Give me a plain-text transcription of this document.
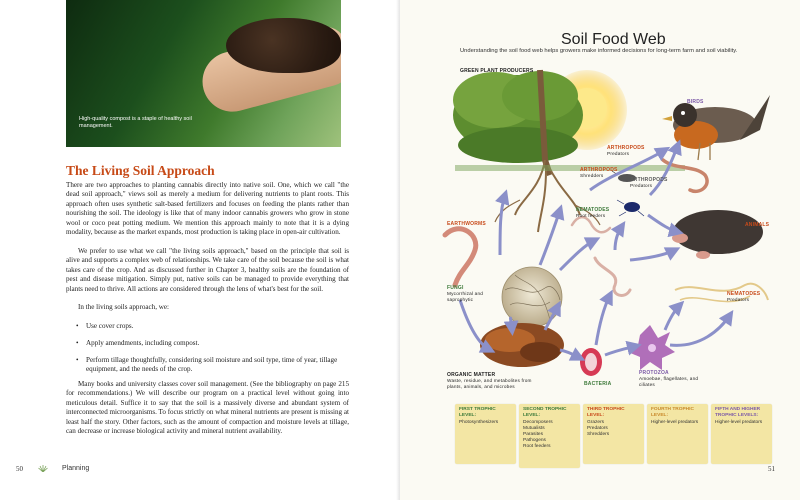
High-quality compost is a staple of healthy soil management.
The Living Soil Approach

There are two approaches to planting cannabis directly into native soil. One, which we call "the dead soil approach," views soil as merely a medium for delivering nutrients to plant roots. This approach often uses synthetic salt-based fertilizers and focuses on feeding the plants rather than nourishing the soil. The ideology is like that of many indoor cannabis growers who grow in stone wool or coco peat potting medium. We mention this approach mainly to note that it is a dying modality, because as the market expands, most production is taking place in open-air cultivation.

We prefer to use what we call "the living soils approach," based on the principle that soil is alive and supports a complex web of relationships. We take care of the soil because the soil is what takes care of the crop. And as discussed further in Chapter 3, healthy soils are the foundation of pest and disease mitigation. Simply put, native soils can be managed to provide everything that plants need to thrive. All actions are considered through the lens of what's best for the soil.

In the living soils approach, we:

• Use cover crops.
• Apply amendments, including compost.
• Perform tillage thoughtfully, considering soil moisture and soil type, time of year, tillage equipment, and the needs of the crop.

Many books and university classes cover soil management. (See the bibliography on page 215 for recommendations.) We will describe our program on a practical level without going into meticulous detail. Suffice it to say that the soil is a massively diverse and abundant system of interconnected microorganisms. To focus strictly on what mineral nutrients are present is missing at least half the story. Other factors, such as the amount of compaction and moisture levels at tillage, can decrease or increase biological activity and mineral nutrient availability.

50	Planning
Soil Food Web
Understanding the soil food web helps growers make informed decisions for long-term farm and soil viability.
GREEN PLANT PRODUCERS
BIRDS
ARTHROPODS
Predators
ARTHROPODS
Shredders
ARTHROPODS
Predators
EARTHWORMS
NEMATODES
Root feeders
ANIMALS
FUNGI
Mycorrhizal and saprophytic
NEMATODES
Predators
ORGANIC MATTER
Waste, residue, and metabolites from plants, animals, and microbes	BACTERIA
PROTOZOA
Amoebae, flagellates, and ciliates
FIRST TROPHIC LEVEL:
Photosynthesizers
SECOND TROPHIC LEVEL:
Decomposers
Mutualists
Parasites
Pathogens
Root feeders
THIRD TROPHIC LEVEL:
Grazers
Predators
Shredders
FOURTH TROPHIC LEVEL:
Higher-level predators
FIFTH AND HIGHER TROPHIC LEVELS:
Higher-level predators
51
